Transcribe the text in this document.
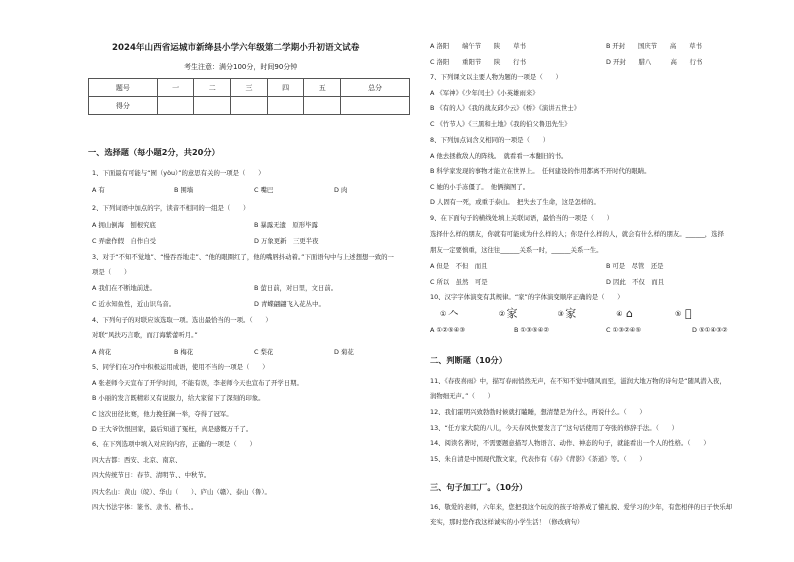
2024年山西省运城市新绛县小学六年级第二学期小升初语文试卷
考生注意：满分100分，时间90分钟
题号	一	二	三	四	五	总分
得分						
一、选择题（每小题2分，共20分）
1、下面最有可能与“囿（yòu）”的意思有关的一项是（　　）
A 有	B 围墙	C 嘴巴	D 肉
2、下列词语中加点的字，读音不相同的一组是（　　）
A 拥山倒海　刨根究底	B 暴露无遗　原形毕露
C 弄虚作假　自作自受	D 万象更新　三更半夜
3、对于“不知不觉地”、“慢吞吞地走”、“他的眼圈红了，他的嘴唇抖动着。”下面语句中与上述想想一致的一
项是（　　）
A 我们在不断地前进。	B 萤日前，对日里，文日前。
C 近水知鱼性，近山识鸟音。	D 青蝶翩翩飞入花丛中。
4、下列句子的对联应该选取一项。选出最恰当的一项。（　　）
对联“风扶巧言歌，而汀海紫蕾听月。”
A 荷花	B 梅花	C 梨花	D 菊花
5、同学们在习作中积极运用成语，使用不当的一项是（　　）
A 张老师今天宣布了开学时间，不能有误，李老师今天也宣布了开学日期。
B 小丽的发言既精彩又有说服力，给大家留下了深刻的印象。
C 这次田径比赛，他力挽狂澜一举，夺得了冠军。
D 王大爷饮恨回家，最后知道了冤枉，真是感慨万千了。
6、在下列选项中填入对应的内容，正确的一项是（　　）
四大古都：西安、北京、南京、
四大传统节日：春节、清明节、、中秋节。
四大名山：黄山（皖）、华山（　　）、庐山（赣）、泰山（鲁）。
四大书法字体：篆书、隶书、楷书、。
A 洛阳　　端午节　　陕　　草书	B 开封　　国庆节　　高　　草书
C 洛阳　　重阳节　　陕　　行书	D 开封　　腊八　　　高　　行书
7、下列课文以主要人物为题的一项是（　　）
A 《军神》《少年闰土》《小英雄雨来》
B 《有的人》《我的战友邱少云》《桥》《演讲五世士》
C 《竹节人》《三黑和土地》《我的伯父鲁迅先生》
8、下列加点词含义相同的一项是（　　）
A 他去拯救敌人的阵线。　就看看一本翻旧的书。
B 科学家发现的事物才能立在世界上。　任何建设的作用都离不开时代的眼睛。
C 她的小手冻僵了。　他俩摘图了。
D 人固有一死，或重于泰山。　把失去了生命，这是怎样的。
9、在下面句子的横线处填上关联词语，最恰当的一项是（　　）
选择什么样的朋友，你就有可能成为什么样的人；你是什么样的人，就会有什么样的朋友。______，选择
朋友一定要慎重，这往往______关系一时，______关系一生。
A 但是　不但　而且	B 可是　尽管　还是
C 所以　虽然　可是	D 因此　不仅　而且
10、汉字字体演变有其规律。“家”的字体演变顺序正确的是（　　）
① 𠆢	② 家	③ 家	④ ⌂	⑤ 𡧂
A ①②⑤④③	B ①③⑤④②	C ①③②④⑤	D ⑤①④③②
二、判断题（10分）
11、《春夜喜雨》中，描写春雨悄然无声，在不知不觉中随风而至，滋润大地万物的诗句是“随风潜入夜，
润物细无声。”（　　）
12、我们霍明兴致勃勃时候就打瞌睡，想清楚是为什么，再说什么。（　　）
13、“任方家大院的八儿，今天春风快要发言了”这句话使用了夸张的修辞手法。（　　）
14、阅读名著时，不需要题意描写人物语言、动作、神态的句子，就能看出一个人的性格。（　　）
15、朱自清是中国现代散文家，代表作有《春》《背影》《茶道》等。（　　）
三、句子加工厂。（10分）
16、敬爱的老师，六年来，您把我这个玩皮的孩子培养成了懂礼貌、爱学习的少年，有您相伴的日子快乐却
充实，那时您作我这样诚实的小学生活！（修改病句）
